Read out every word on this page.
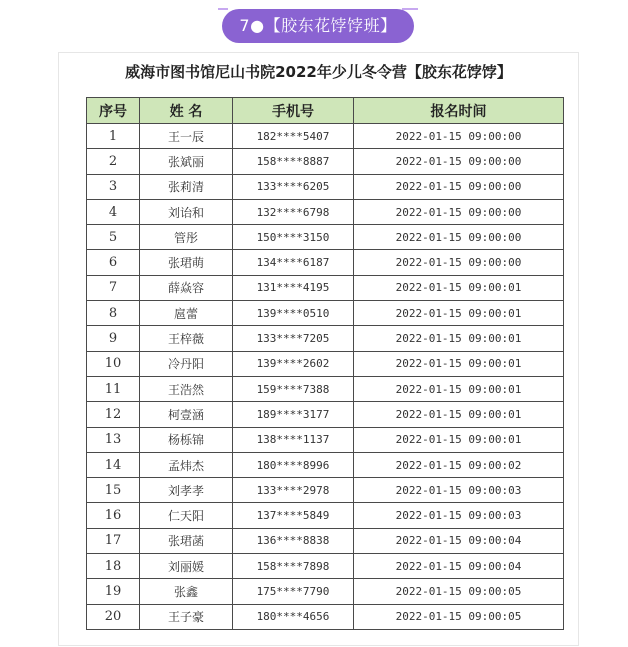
7●【胶东花饽饽班】
威海市图书馆尼山书院2022年少儿冬令营【胶东花饽饽】
序号	姓 名	手机号	报名时间
1	王一辰	182****5407	2022-01-15 09:00:00
2	张斌丽	158****8887	2022-01-15 09:00:00
3	张莉清	133****6205	2022-01-15 09:00:00
4	刘诒和	132****6798	2022-01-15 09:00:00
5	管彤	150****3150	2022-01-15 09:00:00
6	张珺萌	134****6187	2022-01-15 09:00:00
7	薛焱容	131****4195	2022-01-15 09:00:01
8	扈蕾	139****0510	2022-01-15 09:00:01
9	王梓薇	133****7205	2022-01-15 09:00:01
10	冷丹阳	139****2602	2022-01-15 09:00:01
11	王浩然	159****7388	2022-01-15 09:00:01
12	柯壹涵	189****3177	2022-01-15 09:00:01
13	杨栎锦	138****1137	2022-01-15 09:00:01
14	孟炜杰	180****8996	2022-01-15 09:00:02
15	刘孝孝	133****2978	2022-01-15 09:00:03
16	仁天阳	137****5849	2022-01-15 09:00:03
17	张珺菡	136****8838	2022-01-15 09:00:04
18	刘丽媛	158****7898	2022-01-15 09:00:04
19	张鑫	175****7790	2022-01-15 09:00:05
20	王子豪	180****4656	2022-01-15 09:00:05
